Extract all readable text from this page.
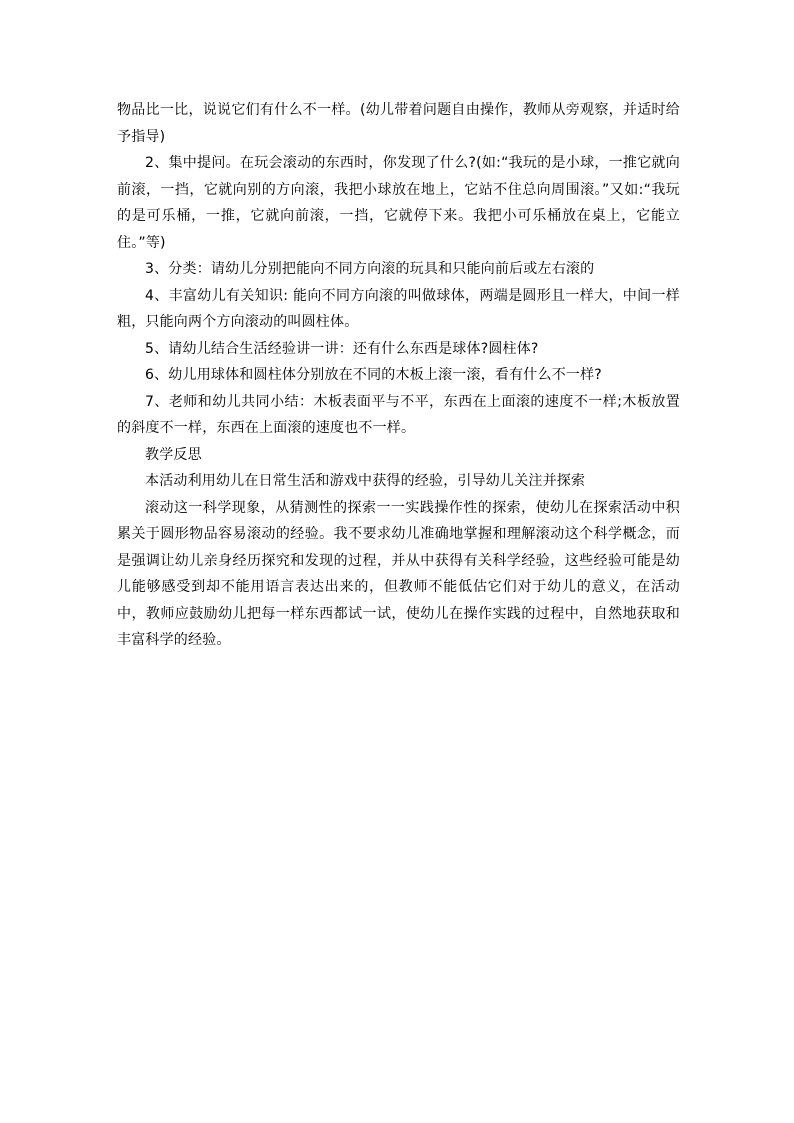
物品比一比，说说它们有什么不一样。(幼儿带着问题自由操作，教师从旁观察，并适时给予指导)

2、集中提问。在玩会滚动的东西时，你发现了什么?(如:“我玩的是小球，一推它就向前滚，一挡，它就向别的方向滚，我把小球放在地上，它站不住总向周围滚。”又如:“我玩的是可乐桶，一推，它就向前滚，一挡，它就停下来。我把小可乐桶放在桌上，它能立住。”等)

3、分类：请幼儿分别把能向不同方向滚的玩具和只能向前后或左右滚的

4、丰富幼儿有关知识: 能向不同方向滚的叫做球体，两端是圆形且一样大，中间一样粗，只能向两个方向滚动的叫圆柱体。

5、请幼儿结合生活经验讲一讲：还有什么东西是球体?圆柱体?

6、幼儿用球体和圆柱体分别放在不同的木板上滚一滚，看有什么不一样?

7、老师和幼儿共同小结：木板表面平与不平，东西在上面滚的速度不一样;木板放置的斜度不一样，东西在上面滚的速度也不一样。

教学反思

本活动利用幼儿在日常生活和游戏中获得的经验，引导幼儿关注并探索

滚动这一科学现象，从猜测性的探索一一实践操作性的探索，使幼儿在探索活动中积累关于圆形物品容易滚动的经验。我不要求幼儿准确地掌握和理解滚动这个科学概念，而是强调让幼儿亲身经历探究和发现的过程，并从中获得有关科学经验，这些经验可能是幼儿能够感受到却不能用语言表达出来的，但教师不能低估它们对于幼儿的意义，在活动中，教师应鼓励幼儿把每一样东西都试一试，使幼儿在操作实践的过程中，自然地获取和丰富科学的经验。
